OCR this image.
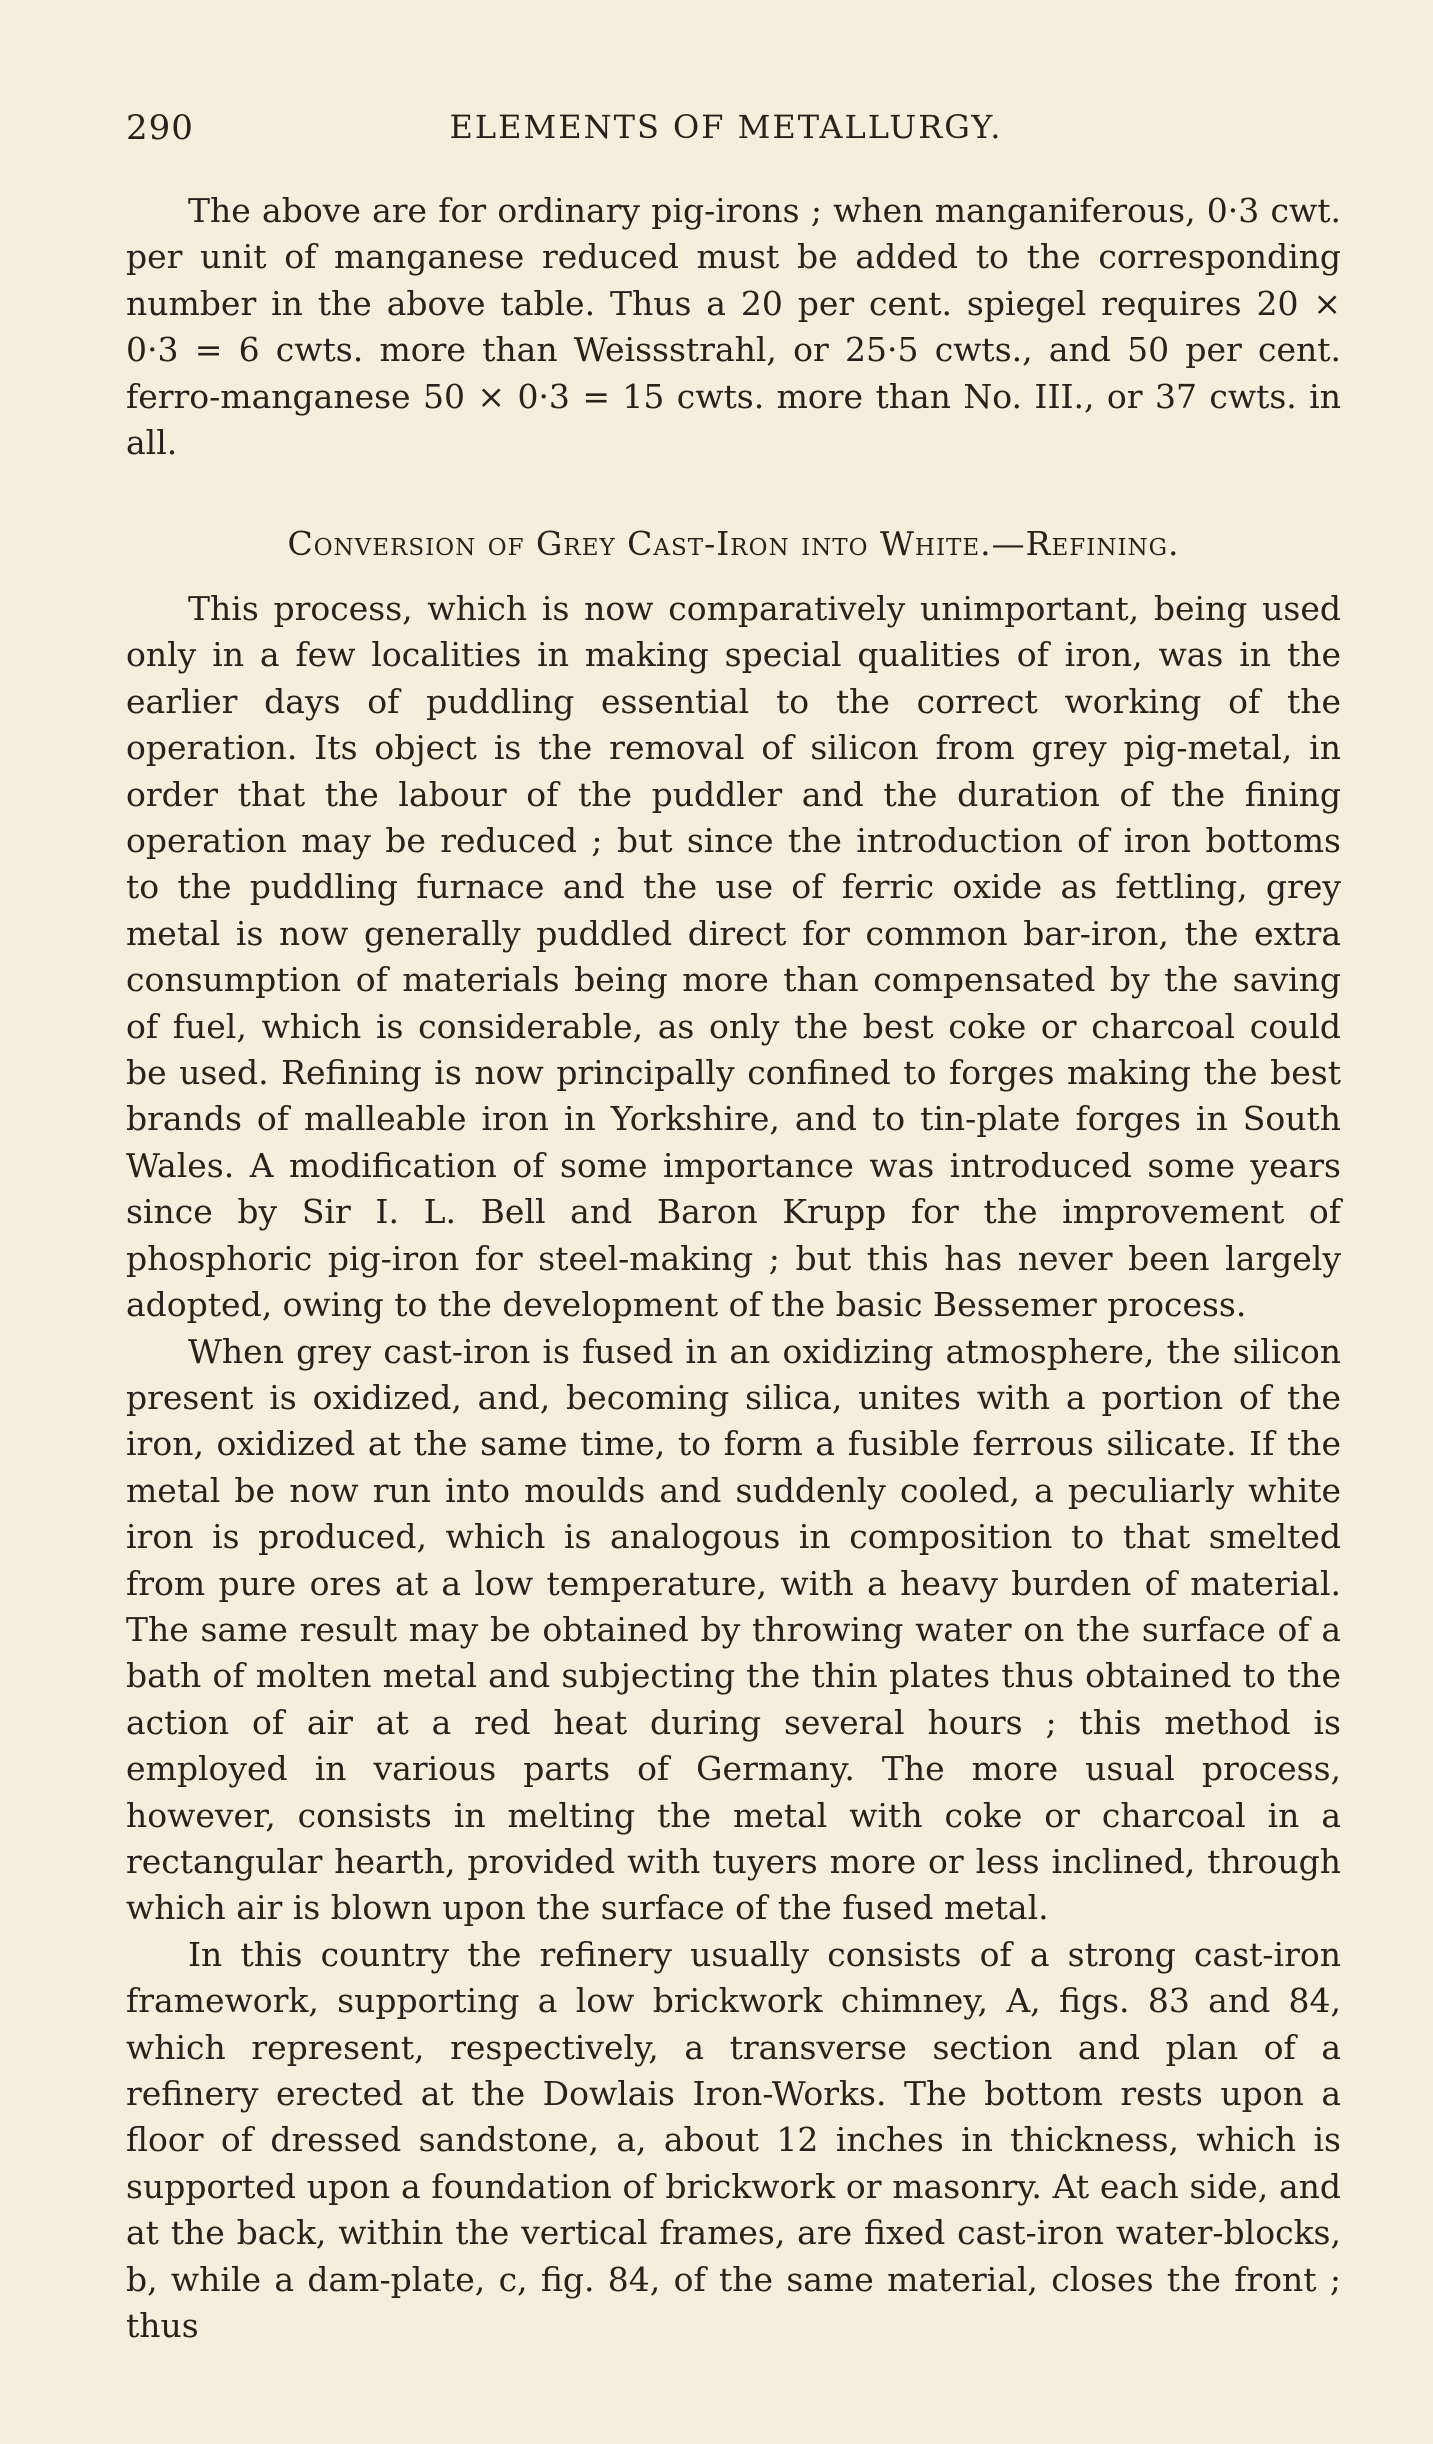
290	ELEMENTS OF METALLURGY.

The above are for ordinary pig-irons ; when manganiferous, 0·3 cwt. per unit of manganese reduced must be added to the corresponding number in the above table. Thus a 20 per cent. spiegel requires 20 × 0·3 = 6 cwts. more than Weissstrahl, or 25·5 cwts., and 50 per cent. ferro-manganese 50 × 0·3 = 15 cwts. more than No. III., or 37 cwts. in all.

Conversion of Grey Cast-Iron into White.—Refining.

This process, which is now comparatively unimportant, being used only in a few localities in making special qualities of iron, was in the earlier days of puddling essential to the correct working of the operation. Its object is the removal of silicon from grey pig-metal, in order that the labour of the puddler and the duration of the fining operation may be reduced ; but since the introduction of iron bottoms to the puddling furnace and the use of ferric oxide as fettling, grey metal is now generally puddled direct for common bar-iron, the extra consumption of materials being more than compensated by the saving of fuel, which is considerable, as only the best coke or charcoal could be used. Refining is now principally confined to forges making the best brands of malleable iron in Yorkshire, and to tin-plate forges in South Wales. A modification of some importance was introduced some years since by Sir I. L. Bell and Baron Krupp for the improvement of phosphoric pig-iron for steel-making ; but this has never been largely adopted, owing to the development of the basic Bessemer process.

When grey cast-iron is fused in an oxidizing atmosphere, the silicon present is oxidized, and, becoming silica, unites with a portion of the iron, oxidized at the same time, to form a fusible ferrous silicate. If the metal be now run into moulds and suddenly cooled, a peculiarly white iron is produced, which is analogous in composition to that smelted from pure ores at a low temperature, with a heavy burden of material. The same result may be obtained by throwing water on the surface of a bath of molten metal and subjecting the thin plates thus obtained to the action of air at a red heat during several hours ; this method is employed in various parts of Germany. The more usual process, however, consists in melting the metal with coke or charcoal in a rectangular hearth, provided with tuyers more or less inclined, through which air is blown upon the surface of the fused metal.

In this country the refinery usually consists of a strong cast-iron framework, supporting a low brickwork chimney, A, figs. 83 and 84, which represent, respectively, a transverse section and plan of a refinery erected at the Dowlais Iron-Works. The bottom rests upon a floor of dressed sandstone, a, about 12 inches in thickness, which is supported upon a foundation of brickwork or masonry. At each side, and at the back, within the vertical frames, are fixed cast-iron water-blocks, b, while a dam-plate, c, fig. 84, of the same material, closes the front ; thus
